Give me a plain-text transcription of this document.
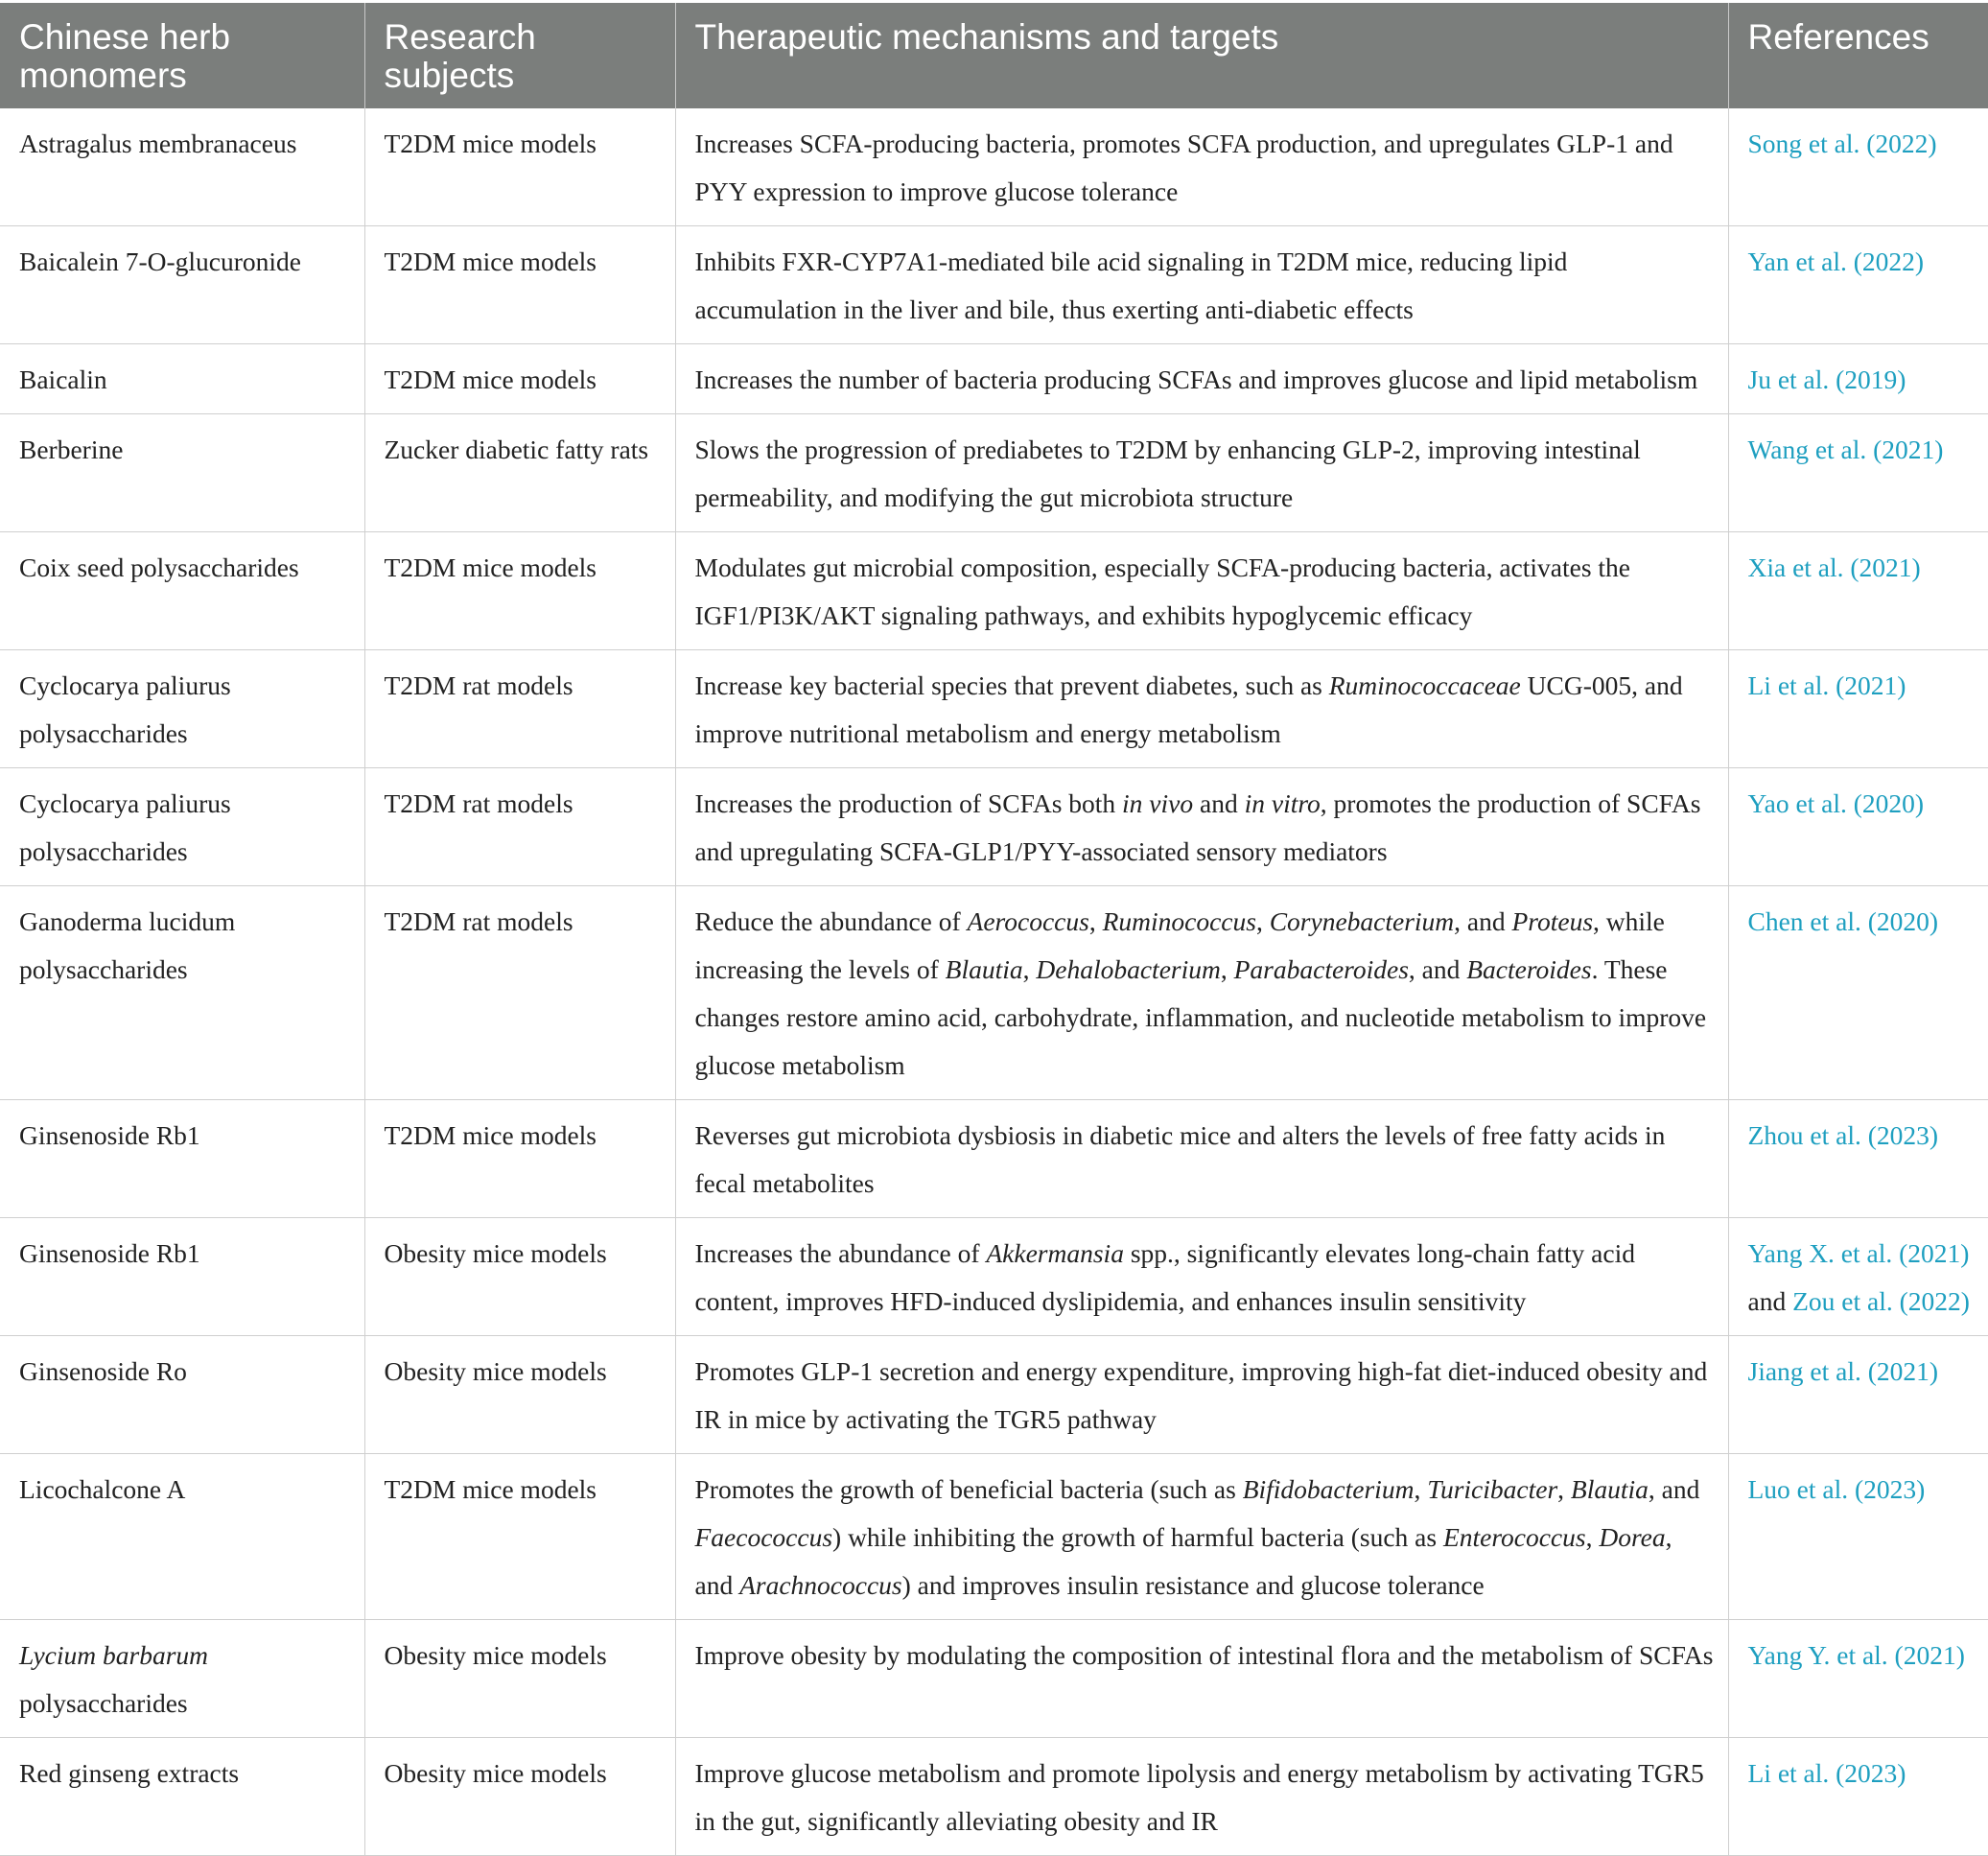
Chinese herb monomers	Research subjects	Therapeutic mechanisms and targets	References
Astragalus membranaceus	T2DM mice models	Increases SCFA-producing bacteria, promotes SCFA production, and upregulates GLP-1 and PYY expression to improve glucose tolerance	Song et al. (2022)
Baicalein 7-O-glucuronide	T2DM mice models	Inhibits FXR-CYP7A1-mediated bile acid signaling in T2DM mice, reducing lipid accumulation in the liver and bile, thus exerting anti-diabetic effects	Yan et al. (2022)
Baicalin	T2DM mice models	Increases the number of bacteria producing SCFAs and improves glucose and lipid metabolism	Ju et al. (2019)
Berberine	Zucker diabetic fatty rats	Slows the progression of prediabetes to T2DM by enhancing GLP-2, improving intestinal permeability, and modifying the gut microbiota structure	Wang et al. (2021)
Coix seed polysaccharides	T2DM mice models	Modulates gut microbial composition, especially SCFA-producing bacteria, activates the IGF1/PI3K/AKT signaling pathways, and exhibits hypoglycemic efficacy	Xia et al. (2021)
Cyclocarya paliurus polysaccharides	T2DM rat models	Increase key bacterial species that prevent diabetes, such as Ruminococcaceae UCG-005, and improve nutritional metabolism and energy metabolism	Li et al. (2021)
Cyclocarya paliurus polysaccharides	T2DM rat models	Increases the production of SCFAs both in vivo and in vitro, promotes the production of SCFAs and upregulating SCFA-GLP1/PYY-associated sensory mediators	Yao et al. (2020)
Ganoderma lucidum polysaccharides	T2DM rat models	Reduce the abundance of Aerococcus, Ruminococcus, Corynebacterium, and Proteus, while increasing the levels of Blautia, Dehalobacterium, Parabacteroides, and Bacteroides. These changes restore amino acid, carbohydrate, inflammation, and nucleotide metabolism to improve glucose metabolism	Chen et al. (2020)
Ginsenoside Rb1	T2DM mice models	Reverses gut microbiota dysbiosis in diabetic mice and alters the levels of free fatty acids in fecal metabolites	Zhou et al. (2023)
Ginsenoside Rb1	Obesity mice models	Increases the abundance of Akkermansia spp., significantly elevates long-chain fatty acid content, improves HFD-induced dyslipidemia, and enhances insulin sensitivity	Yang X. et al. (2021) and Zou et al. (2022)
Ginsenoside Ro	Obesity mice models	Promotes GLP-1 secretion and energy expenditure, improving high-fat diet-induced obesity and IR in mice by activating the TGR5 pathway	Jiang et al. (2021)
Licochalcone A	T2DM mice models	Promotes the growth of beneficial bacteria (such as Bifidobacterium, Turicibacter, Blautia, and Faecococcus) while inhibiting the growth of harmful bacteria (such as Enterococcus, Dorea, and Arachnococcus) and improves insulin resistance and glucose tolerance	Luo et al. (2023)
Lycium barbarum polysaccharides	Obesity mice models	Improve obesity by modulating the composition of intestinal flora and the metabolism of SCFAs	Yang Y. et al. (2021)
Red ginseng extracts	Obesity mice models	Improve glucose metabolism and promote lipolysis and energy metabolism by activating TGR5 in the gut, significantly alleviating obesity and IR	Li et al. (2023)
